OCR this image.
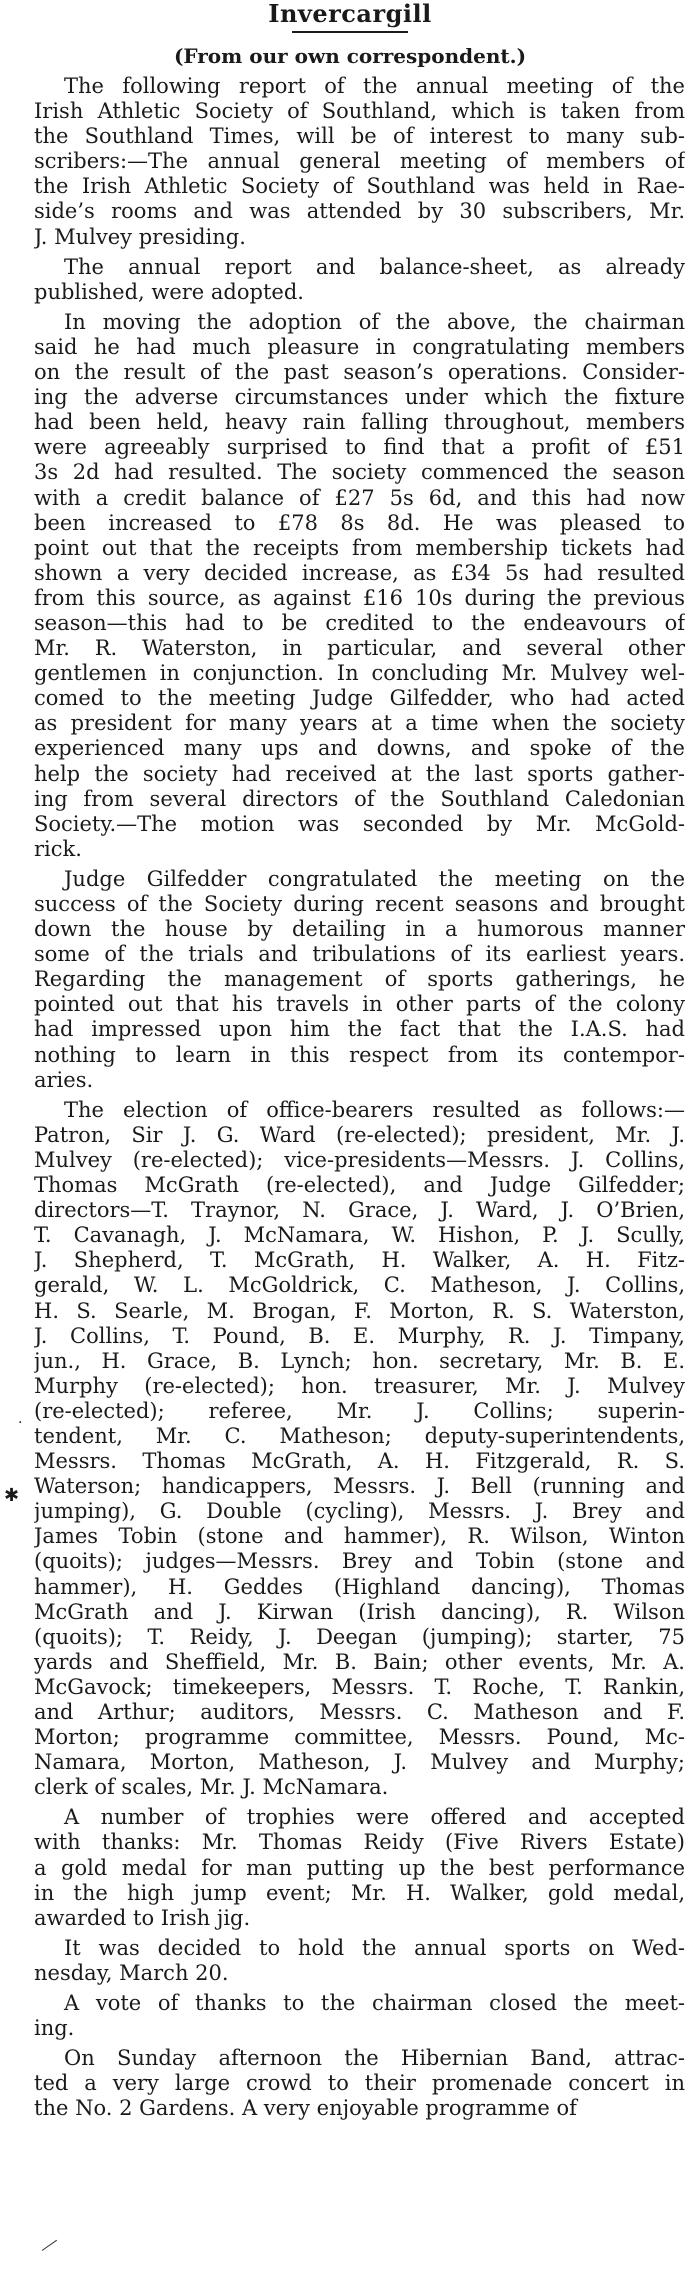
Invercargill
(From our own correspondent.)
The following report of the annual meeting of the
Irish Athletic Society of Southland, which is taken from
the Southland Times, will be of interest to many sub-
scribers:—The annual general meeting of members of
the Irish Athletic Society of Southland was held in Rae-
side’s rooms and was attended by 30 subscribers, Mr.
J. Mulvey presiding.
The annual report and balance-sheet, as already
published, were adopted.
In moving the adoption of the above, the chairman
said he had much pleasure in congratulating members
on the result of the past season’s operations. Consider-
ing the adverse circumstances under which the fixture
had been held, heavy rain falling throughout, members
were agreeably surprised to find that a profit of £51
3s 2d had resulted. The society commenced the season
with a credit balance of £27 5s 6d, and this had now
been increased to £78 8s 8d. He was pleased to
point out that the receipts from membership tickets had
shown a very decided increase, as £34 5s had resulted
from this source, as against £16 10s during the previous
season—this had to be credited to the endeavours of
Mr. R. Waterston, in particular, and several other
gentlemen in conjunction. In concluding Mr. Mulvey wel-
comed to the meeting Judge Gilfedder, who had acted
as president for many years at a time when the society
experienced many ups and downs, and spoke of the
help the society had received at the last sports gather-
ing from several directors of the Southland Caledonian
Society.—The motion was seconded by Mr. McGold-
rick.
Judge Gilfedder congratulated the meeting on the
success of the Society during recent seasons and brought
down the house by detailing in a humorous manner
some of the trials and tribulations of its earliest years.
Regarding the management of sports gatherings, he
pointed out that his travels in other parts of the colony
had impressed upon him the fact that the I.A.S. had
nothing to learn in this respect from its contempor-
aries.
The election of office-bearers resulted as follows:—
Patron, Sir J. G. Ward (re-elected); president, Mr. J.
Mulvey (re-elected); vice-presidents—Messrs. J. Collins,
Thomas McGrath (re-elected), and Judge Gilfedder;
directors—T. Traynor, N. Grace, J. Ward, J. O’Brien,
T. Cavanagh, J. McNamara, W. Hishon, P. J. Scully,
J. Shepherd, T. McGrath, H. Walker, A. H. Fitz-
gerald, W. L. McGoldrick, C. Matheson, J. Collins,
H. S. Searle, M. Brogan, F. Morton, R. S. Waterston,
J. Collins, T. Pound, B. E. Murphy, R. J. Timpany,
jun., H. Grace, B. Lynch; hon. secretary, Mr. B. E.
Murphy (re-elected); hon. treasurer, Mr. J. Mulvey
(re-elected); referee, Mr. J. Collins; superin-
tendent, Mr. C. Matheson; deputy-superintendents,
Messrs. Thomas McGrath, A. H. Fitzgerald, R. S.
Waterson; handicappers, Messrs. J. Bell (running and
jumping), G. Double (cycling), Messrs. J. Brey and
James Tobin (stone and hammer), R. Wilson, Winton
(quoits); judges—Messrs. Brey and Tobin (stone and
hammer), H. Geddes (Highland dancing), Thomas
McGrath and J. Kirwan (Irish dancing), R. Wilson
(quoits); T. Reidy, J. Deegan (jumping); starter, 75
yards and Sheffield, Mr. B. Bain; other events, Mr. A.
McGavock; timekeepers, Messrs. T. Roche, T. Rankin,
and Arthur; auditors, Messrs. C. Matheson and F.
Morton; programme committee, Messrs. Pound, Mc-
Namara, Morton, Matheson, J. Mulvey and Murphy;
clerk of scales, Mr. J. McNamara.
A number of trophies were offered and accepted
with thanks: Mr. Thomas Reidy (Five Rivers Estate)
a gold medal for man putting up the best performance
in the high jump event; Mr. H. Walker, gold medal,
awarded to Irish jig.
It was decided to hold the annual sports on Wed-
nesday, March 20.
A vote of thanks to the chairman closed the meet-
ing.
On Sunday afternoon the Hibernian Band, attrac-
ted a very large crowd to their promenade concert in
the No. 2 Gardens. A very enjoyable programme of
.
✱
